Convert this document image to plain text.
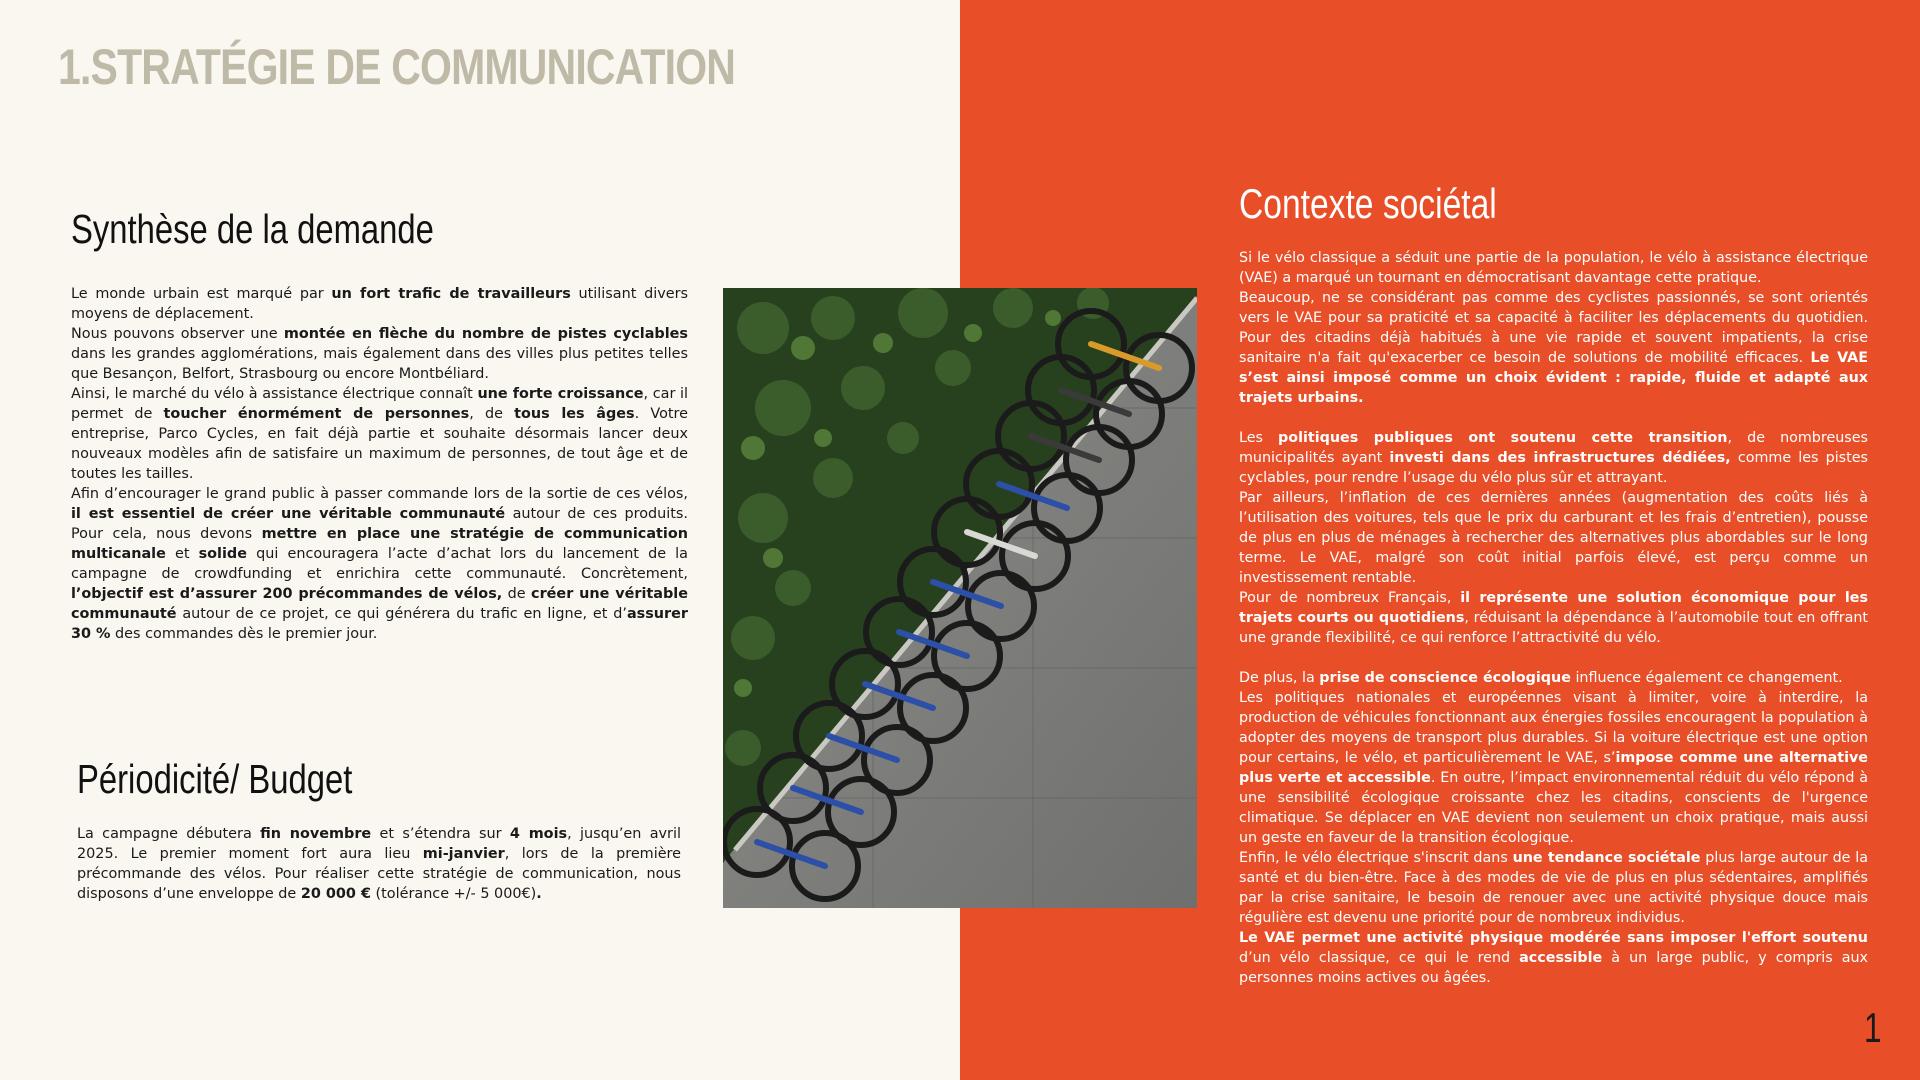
1.STRATÉGIE DE COMMUNICATION
Synthèse de la demande

Le monde urbain est marqué par un fort trafic de travailleurs utilisant divers moyens de déplacement.

Nous pouvons observer une montée en flèche du nombre de pistes cyclables dans les grandes agglomérations, mais également dans des villes plus petites telles que Besançon, Belfort, Strasbourg ou encore Montbéliard.

Ainsi, le marché du vélo à assistance électrique connaît une forte croissance, car il permet de toucher énormément de personnes, de tous les âges. Votre entreprise, Parco Cycles, en fait déjà partie et souhaite désormais lancer deux nouveaux modèles afin de satisfaire un maximum de personnes, de tout âge et de toutes les tailles.

Afin d’encourager le grand public à passer commande lors de la sortie de ces vélos, il est essentiel de créer une véritable communauté autour de ces produits. Pour cela, nous devons mettre en place une stratégie de communication multicanale et solide qui encouragera l’acte d’achat lors du lancement de la campagne de crowdfunding et enrichira cette communauté. Concrètement, l’objectif est d’assurer 200 précommandes de vélos, de créer une véritable communauté autour de ce projet, ce qui générera du trafic en ligne, et d’assurer 30 % des commandes dès le premier jour.

Périodicité/ Budget

La campagne débutera fin novembre et s’étendra sur 4 mois, jusqu’en avril 2025. Le premier moment fort aura lieu mi-janvier, lors de la première précommande des vélos. Pour réaliser cette stratégie de communication, nous disposons d’une enveloppe de 20 000 € (tolérance +/- 5 000€).

Si le vélo classique a séduit une partie de la population, le vélo à assistance électrique (VAE) a marqué un tournant en démocratisant davantage cette pratique.

Beaucoup, ne se considérant pas comme des cyclistes passionnés, se sont orientés vers le VAE pour sa praticité et sa capacité à faciliter les déplacements du quotidien. Pour des citadins déjà habitués à une vie rapide et souvent impatients, la crise sanitaire n'a fait qu'exacerber ce besoin de solutions de mobilité efficaces. Le VAE s’est ainsi imposé comme un choix évident : rapide, fluide et adapté aux trajets urbains.

Les politiques publiques ont soutenu cette transition, de nombreuses municipalités ayant investi dans des infrastructures dédiées, comme les pistes cyclables, pour rendre l’usage du vélo plus sûr et attrayant.

Par ailleurs, l’inflation de ces dernières années (augmentation des coûts liés à l’utilisation des voitures, tels que le prix du carburant et les frais d’entretien), pousse de plus en plus de ménages à rechercher des alternatives plus abordables sur le long terme. Le VAE, malgré son coût initial parfois élevé, est perçu comme un investissement rentable.

Pour de nombreux Français, il représente une solution économique pour les trajets courts ou quotidiens, réduisant la dépendance à l’automobile tout en offrant une grande flexibilité, ce qui renforce l’attractivité du vélo.

De plus, la prise de conscience écologique influence également ce changement.

Les politiques nationales et européennes visant à limiter, voire à interdire, la production de véhicules fonctionnant aux énergies fossiles encouragent la population à adopter des moyens de transport plus durables. Si la voiture électrique est une option pour certains, le vélo, et particulièrement le VAE, s’impose comme une alternative plus verte et accessible. En outre, l’impact environnemental réduit du vélo répond à une sensibilité écologique croissante chez les citadins, conscients de l'urgence climatique. Se déplacer en VAE devient non seulement un choix pratique, mais aussi un geste en faveur de la transition écologique.

Enfin, le vélo électrique s'inscrit dans une tendance sociétale plus large autour de la santé et du bien-être. Face à des modes de vie de plus en plus sédentaires, amplifiés par la crise sanitaire, le besoin de renouer avec une activité physique douce mais régulière est devenu une priorité pour de nombreux individus.

Le VAE permet une activité physique modérée sans imposer l'effort soutenu d’un vélo classique, ce qui le rend accessible à un large public, y compris aux personnes moins actives ou âgées.

Contexte sociétal
1
